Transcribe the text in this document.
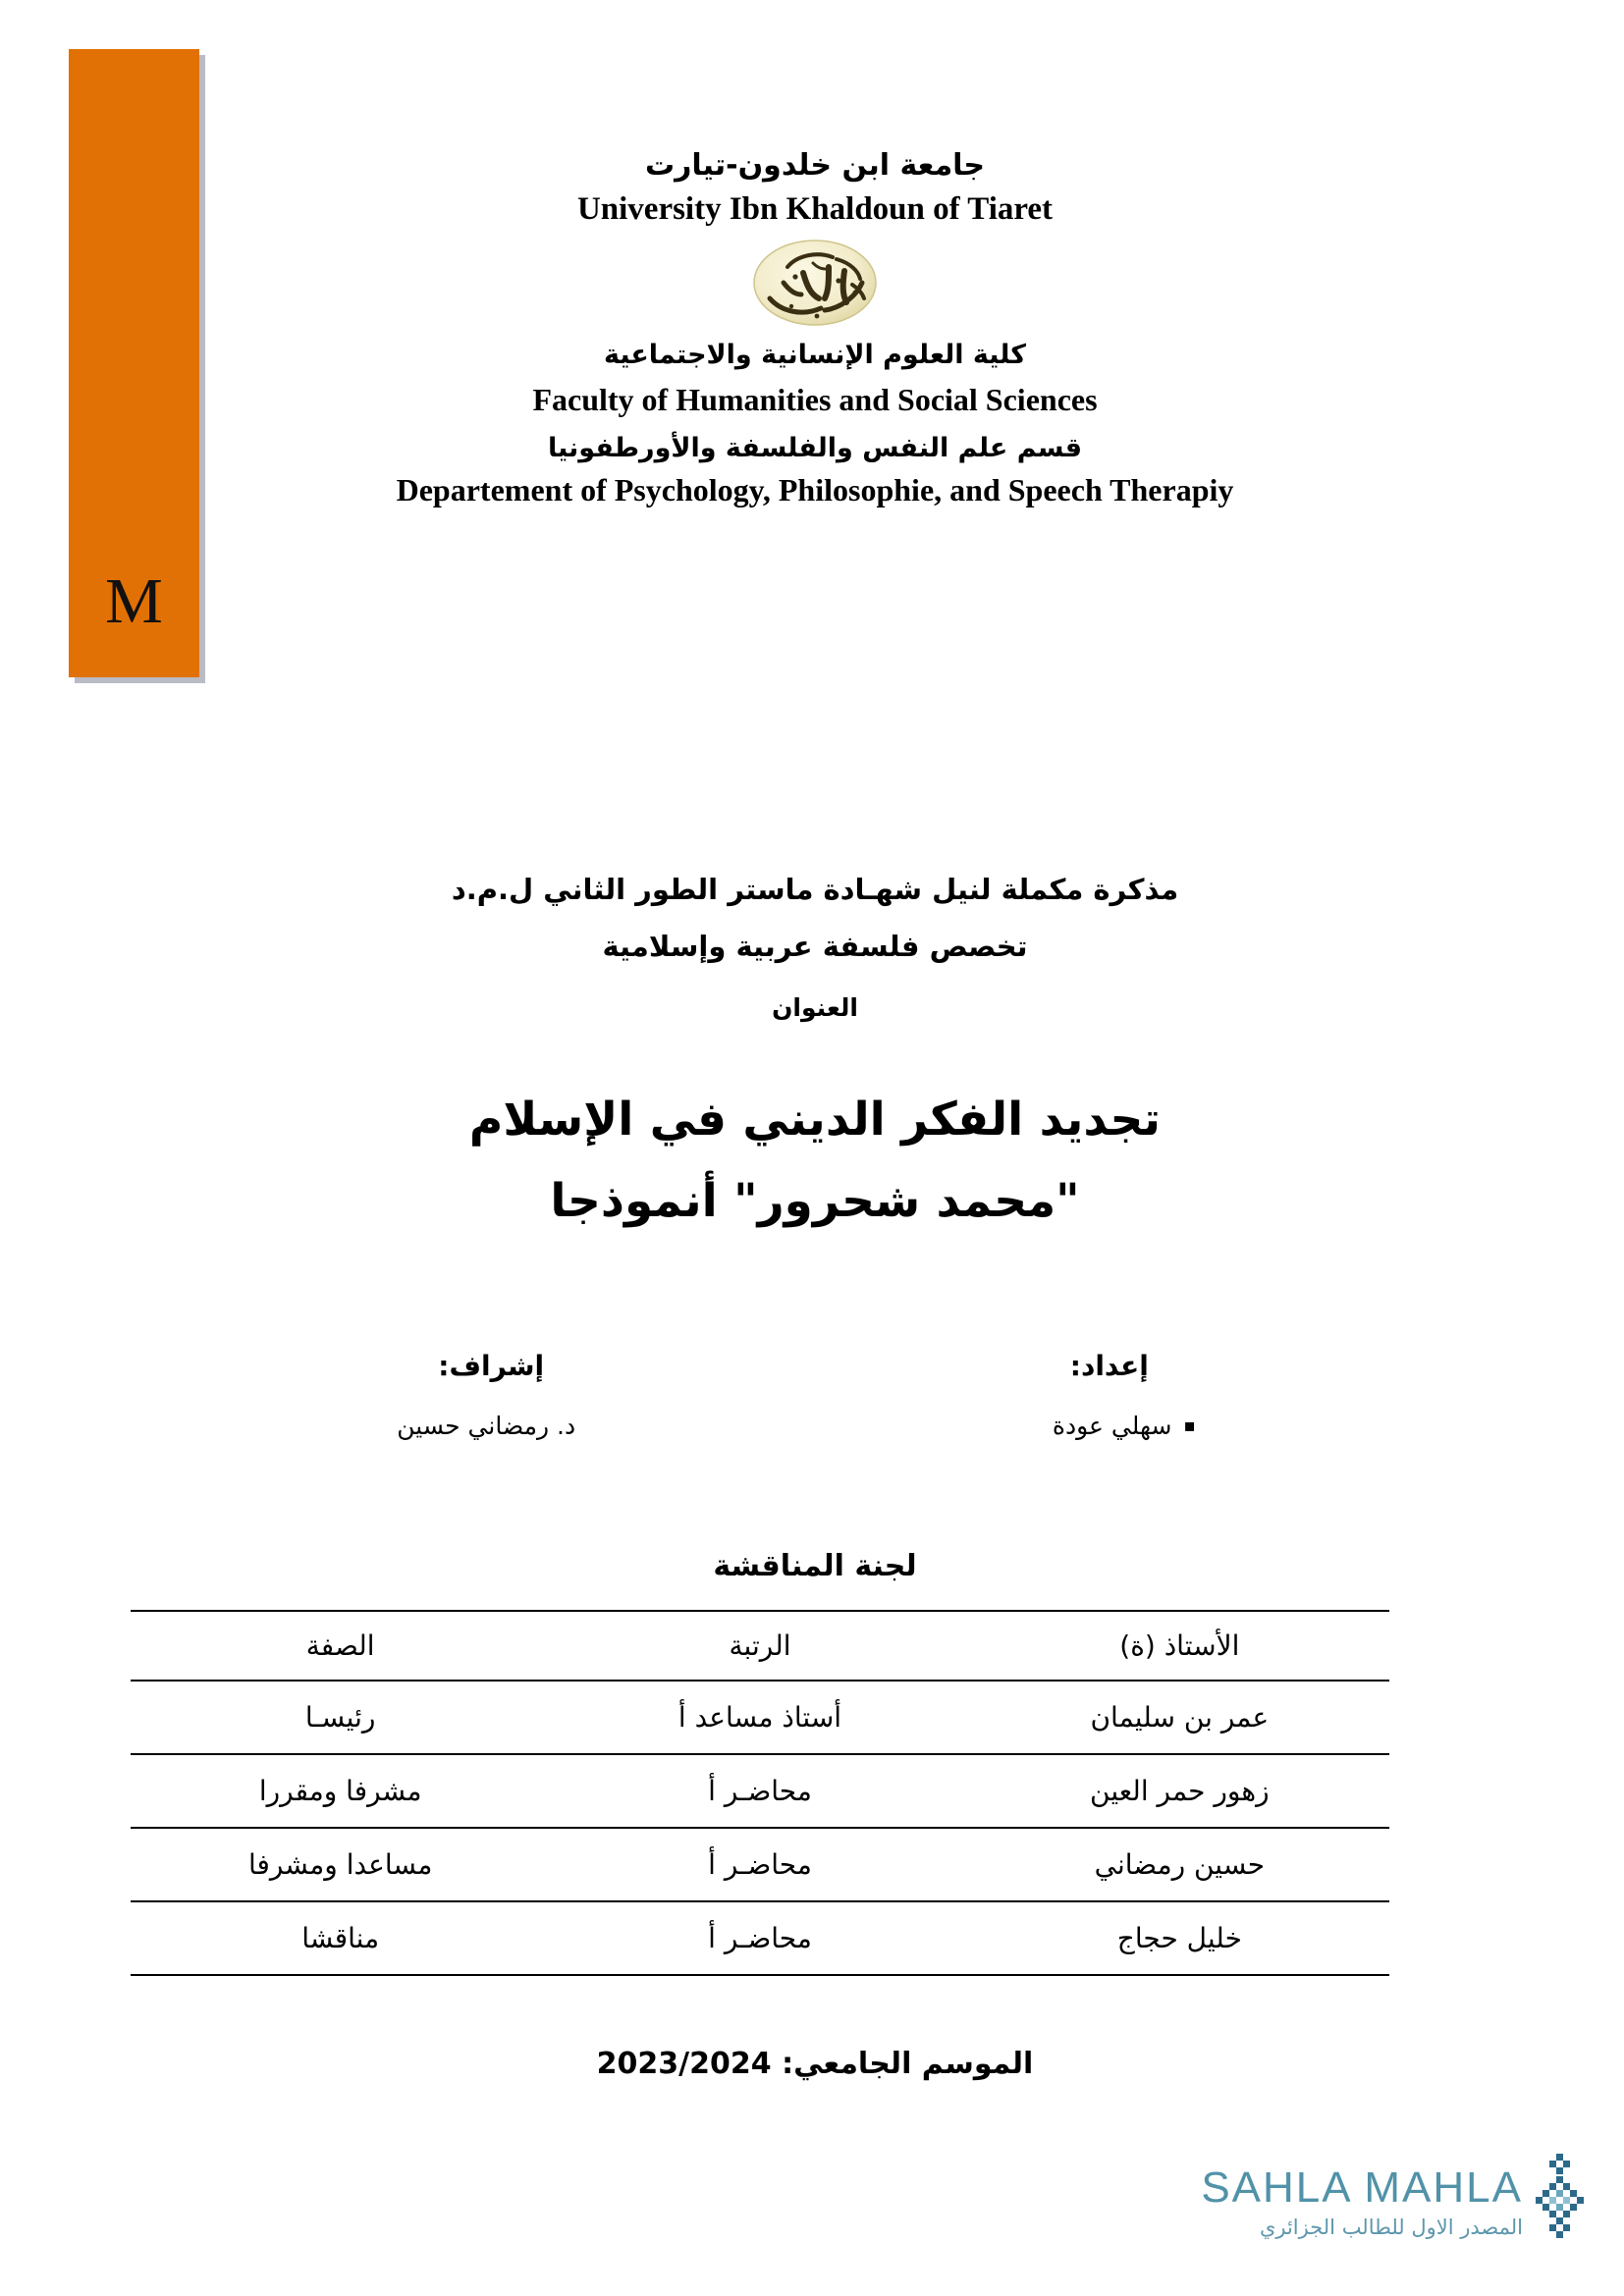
M
جامعة ابن خلدون-تيارت
University Ibn Khaldoun of Tiaret
كلية العلوم الإنسانية والاجتماعية
Faculty of Humanities and Social Sciences
قسم علم النفس والفلسفة والأورطفونيا
Departement of Psychology, Philosophie, and Speech Therapiy
مذكرة مكملة لنيل شهـادة ماستر الطور الثاني ل.م.د
تخصص فلسفة عربية وإسلامية
العنوان
تجديد الفكر الديني في الإسلام
"محمد شحرور" أنموذجا
إعداد:
▪سهلي عودة
إشراف:
د. رمضاني حسين
لجنة المناقشة
الأستاذ (ة)	الرتبة	الصفة
عمر بن سليمان	أستاذ مساعد أ	رئيسـا
زهور حمر العين	محاضـر أ	مشرفا ومقررا
حسين رمضاني	محاضـر أ	مساعدا ومشرفا
خليل حجاج	محاضـر أ	مناقشا
الموسم الجامعي: 2023/2024
SAHLA MAHLA
المصدر الاول للطالب الجزائري
